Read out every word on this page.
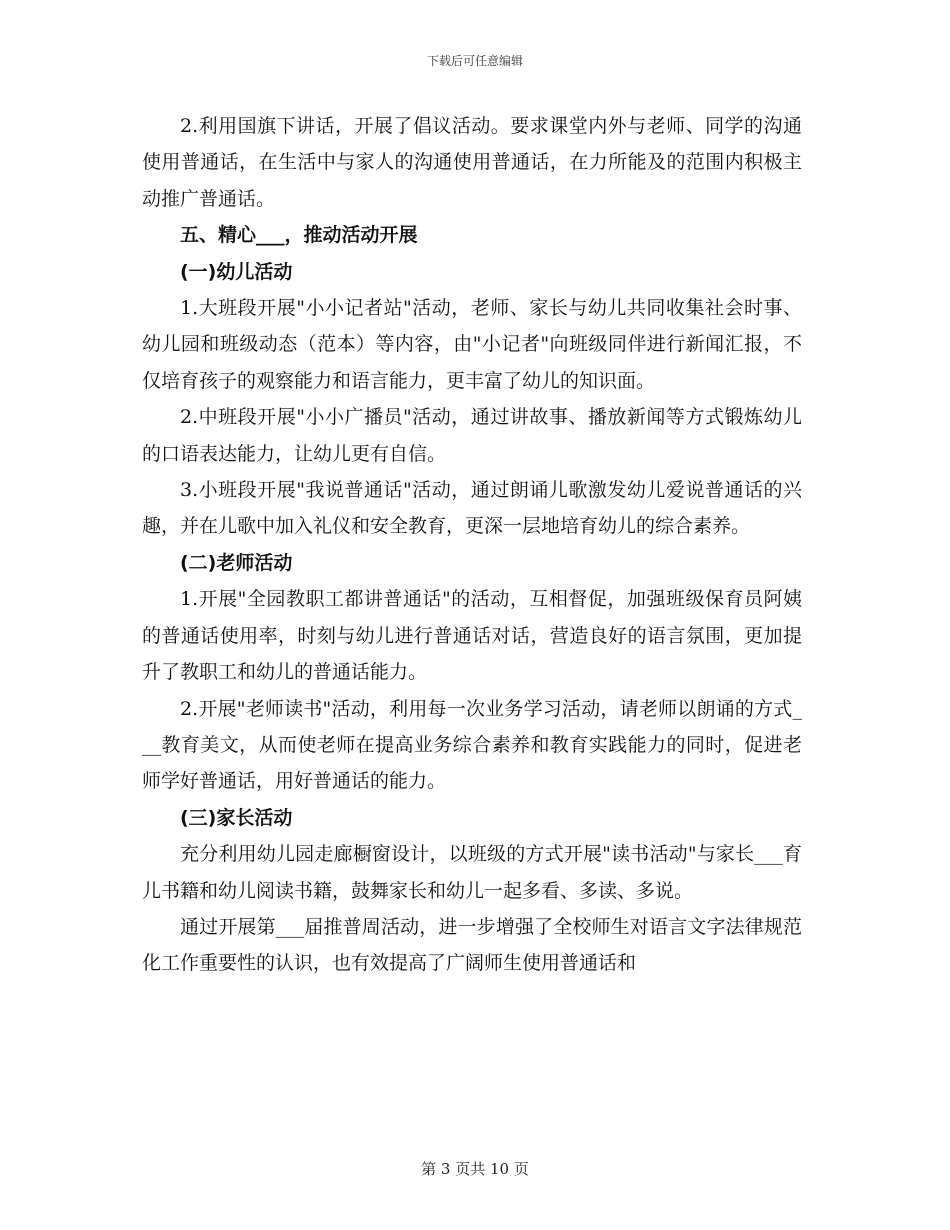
下载后可任意编辑

2.利用国旗下讲话，开展了倡议活动。要求课堂内外与老师、同学的沟通使用普通话，在生活中与家人的沟通使用普通话，在力所能及的范围内积极主动推广普通话。

五、精心___，推动活动开展

(一)幼儿活动

1.大班段开展"小小记者站"活动，老师、家长与幼儿共同收集社会时事、幼儿园和班级动态（范本）等内容，由"小记者"向班级同伴进行新闻汇报，不仅培育孩子的观察能力和语言能力，更丰富了幼儿的知识面。

2.中班段开展"小小广播员"活动，通过讲故事、播放新闻等方式锻炼幼儿的口语表达能力，让幼儿更有自信。

3.小班段开展"我说普通话"活动，通过朗诵儿歌激发幼儿爱说普通话的兴趣，并在儿歌中加入礼仪和安全教育，更深一层地培育幼儿的综合素养。

(二)老师活动

1.开展"全园教职工都讲普通话"的活动，互相督促，加强班级保育员阿姨的普通话使用率，时刻与幼儿进行普通话对话，营造良好的语言氛围，更加提升了教职工和幼儿的普通话能力。

2.开展"老师读书"活动，利用每一次业务学习活动，请老师以朗诵的方式___教育美文，从而使老师在提高业务综合素养和教育实践能力的同时，促进老师学好普通话，用好普通话的能力。

(三)家长活动

充分利用幼儿园走廊橱窗设计，以班级的方式开展"读书活动"与家长___育儿书籍和幼儿阅读书籍，鼓舞家长和幼儿一起多看、多读、多说。

通过开展第___届推普周活动，进一步增强了全校师生对语言文字法律规范化工作重要性的认识，也有效提高了广阔师生使用普通话和

第 3 页共 10 页
